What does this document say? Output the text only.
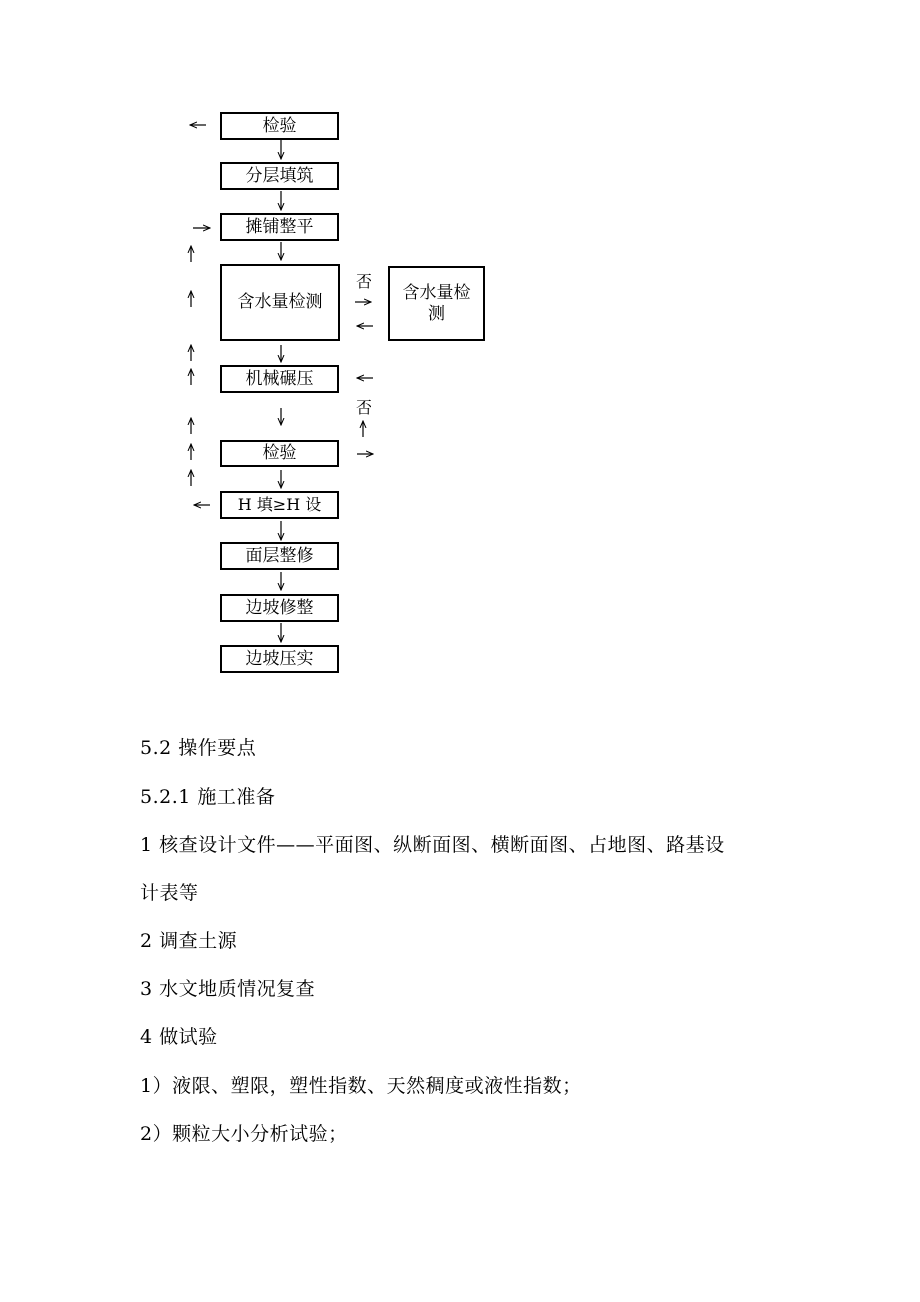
检验
分层填筑
摊铺整平
含水量检测	含水量检
测
机械碾压
检验
H 填≥H 设
面层整修
边坡修整
边坡压实
否
否
5.2 操作要点
5.2.1 施工准备
1 核查设计文件——平面图、纵断面图、横断面图、占地图、路基设
计表等
2 调查土源
3 水文地质情况复查
4 做试验
1）液限、塑限，塑性指数、天然稠度或液性指数；
2）颗粒大小分析试验；
